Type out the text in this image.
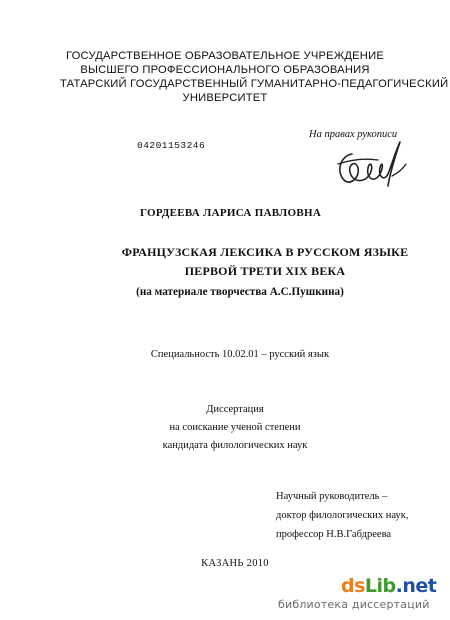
ГОСУДАРСТВЕННОЕ ОБРАЗОВАТЕЛЬНОЕ УЧРЕЖДЕНИЕ
ВЫСШЕГО ПРОФЕССИОНАЛЬНОГО ОБРАЗОВАНИЯ
ТАТАРСКИЙ ГОСУДАРСТВЕННЫЙ ГУМАНИТАРНО-ПЕДАГОГИЧЕСКИЙ
УНИВЕРСИТЕТ
04201153246
На правах рукописи
ГОРДЕЕВА ЛАРИСА ПАВЛОВНА
ФРАНЦУЗСКАЯ ЛЕКСИКА В РУССКОМ ЯЗЫКЕ
ПЕРВОЙ ТРЕТИ XIX ВЕКА
(на материале творчества А.С.Пушкина)
Специальность 10.02.01 – русский язык
Диссертация
на соискание ученой степени
кандидата филологических наук
Научный руководитель –
доктор филологических наук,
профессор Н.В.Габдреева
КАЗАНЬ 2010
dsLib.net
библиотека диссертаций
